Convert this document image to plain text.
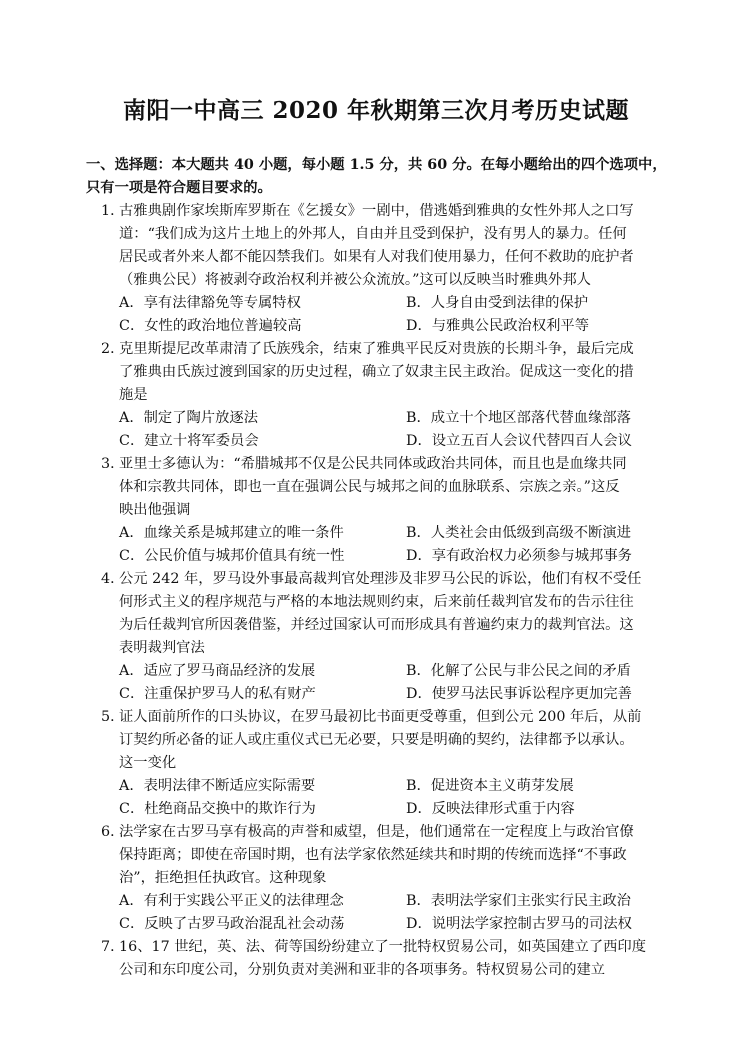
南阳一中高三 2020 年秋期第三次月考历史试题
一、选择题：本大题共 40 小题，每小题 1.5 分，共 60 分。在每小题给出的四个选项中，
只有一项是符合题目要求的。
1．
古雅典剧作家埃斯库罗斯在《乞援女》一剧中，借逃婚到雅典的女性外邦人之口写
道：“我们成为这片土地上的外邦人，自由并且受到保护，没有男人的暴力。任何
居民或者外来人都不能囚禁我们。如果有人对我们使用暴力，任何不救助的庇护者
（雅典公民）将被剥夺政治权利并被公众流放。”这可以反映当时雅典外邦人
A．享有法律豁免等专属特权	B．人身自由受到法律的保护
C．女性的政治地位普遍较高	D．与雅典公民政治权利平等
2．
克里斯提尼改革肃清了氏族残余，结束了雅典平民反对贵族的长期斗争，最后完成
了雅典由氏族过渡到国家的历史过程，确立了奴隶主民主政治。促成这一变化的措
施是
A．制定了陶片放逐法	B．成立十个地区部落代替血缘部落
C．建立十将军委员会	D．设立五百人会议代替四百人会议
3．
亚里士多德认为：“希腊城邦不仅是公民共同体或政治共同体，而且也是血缘共同
体和宗教共同体，即也一直在强调公民与城邦之间的血脉联系、宗族之亲。”这反
映出他强调
A．血缘关系是城邦建立的唯一条件	B．人类社会由低级到高级不断演进
C．公民价值与城邦价值具有统一性	D．享有政治权力必须参与城邦事务
4．
公元 242 年，罗马设外事最高裁判官处理涉及非罗马公民的诉讼，他们有权不受任
何形式主义的程序规范与严格的本地法规则约束，后来前任裁判官发布的告示往往
为后任裁判官所因袭借鉴，并经过国家认可而形成具有普遍约束力的裁判官法。这
表明裁判官法
A．适应了罗马商品经济的发展	B．化解了公民与非公民之间的矛盾
C．注重保护罗马人的私有财产	D．使罗马法民事诉讼程序更加完善
5．
证人面前所作的口头协议，在罗马最初比书面更受尊重，但到公元 200 年后，从前
订契约所必备的证人或庄重仪式已无必要，只要是明确的契约，法律都予以承认。
这一变化
A．表明法律不断适应实际需要	B．促进资本主义萌芽发展
C．杜绝商品交换中的欺诈行为	D．反映法律形式重于内容
6．
法学家在古罗马享有极高的声誉和威望，但是，他们通常在一定程度上与政治官僚
保持距离；即使在帝国时期，也有法学家依然延续共和时期的传统而选择“不事政
治”，拒绝担任执政官。这种现象
A．有利于实践公平正义的法律理念	B．表明法学家们主张实行民主政治
C．反映了古罗马政治混乱社会动荡	D．说明法学家控制古罗马的司法权
7．
16、17 世纪，英、法、荷等国纷纷建立了一批特权贸易公司，如英国建立了西印度
公司和东印度公司，分别负责对美洲和亚非的各项事务。特权贸易公司的建立
